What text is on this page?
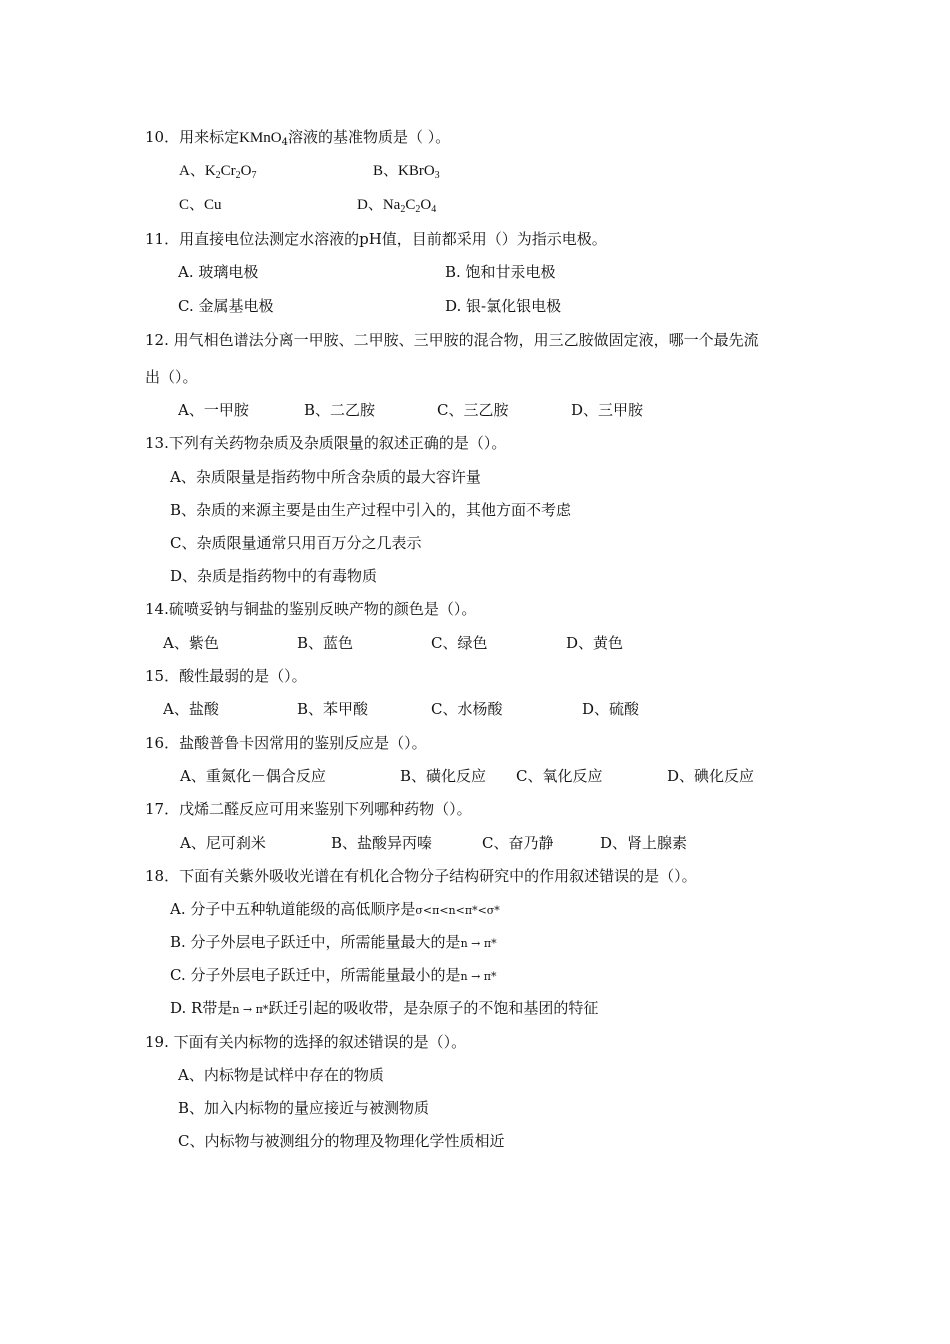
10．用来标定KMnO$_4$溶液的基准物质是（ ）。
A、$K_2Cr_2O_7$	B、KBrO$_3$
C、Cu	D、$Na_2C_2O_4$
11．用直接电位法测定水溶液的pH值，目前都采用（）为指示电极。
A. 玻璃电极	B. 饱和甘汞电极
C. 金属基电极	D. 银-氯化银电极
12. 用气相色谱法分离一甲胺、二甲胺、三甲胺的混合物，用三乙胺做固定液，哪一个最先流
出（）。
A、一甲胺	B、二乙胺	C、三乙胺	D、三甲胺
13.下列有关药物杂质及杂质限量的叙述正确的是（）。
A、杂质限量是指药物中所含杂质的最大容许量
B、杂质的来源主要是由生产过程中引入的，其他方面不考虑
C、杂质限量通常只用百万分之几表示
D、杂质是指药物中的有毒物质
14.硫喷妥钠与铜盐的鉴别反映产物的颜色是（）。
A、紫色	B、蓝色	C、绿色	D、黄色
15．酸性最弱的是（）。
A、盐酸	B、苯甲酸	C、水杨酸	D、硫酸
16．盐酸普鲁卡因常用的鉴别反应是（）。
A、重氮化－偶合反应	B、磺化反应 C、氧化反应	D、碘化反应
17．戊烯二醛反应可用来鉴别下列哪种药物（）。
A、尼可刹米	B、盐酸异丙嗪	C、奋乃静	D、肾上腺素
18．下面有关紫外吸收光谱在有机化合物分子结构研究中的作用叙述错误的是（）。
A. 分子中五种轨道能级的高低顺序是σ<π<n<π*<σ*
B. 分子外层电子跃迁中，所需能量最大的是n → π*
C. 分子外层电子跃迁中，所需能量最小的是n → π*
D. R带是n → π*跃迁引起的吸收带，是杂原子的不饱和基团的特征
19. 下面有关内标物的选择的叙述错误的是（）。
A、内标物是试样中存在的物质
B、加入内标物的量应接近与被测物质
C、内标物与被测组分的物理及物理化学性质相近
